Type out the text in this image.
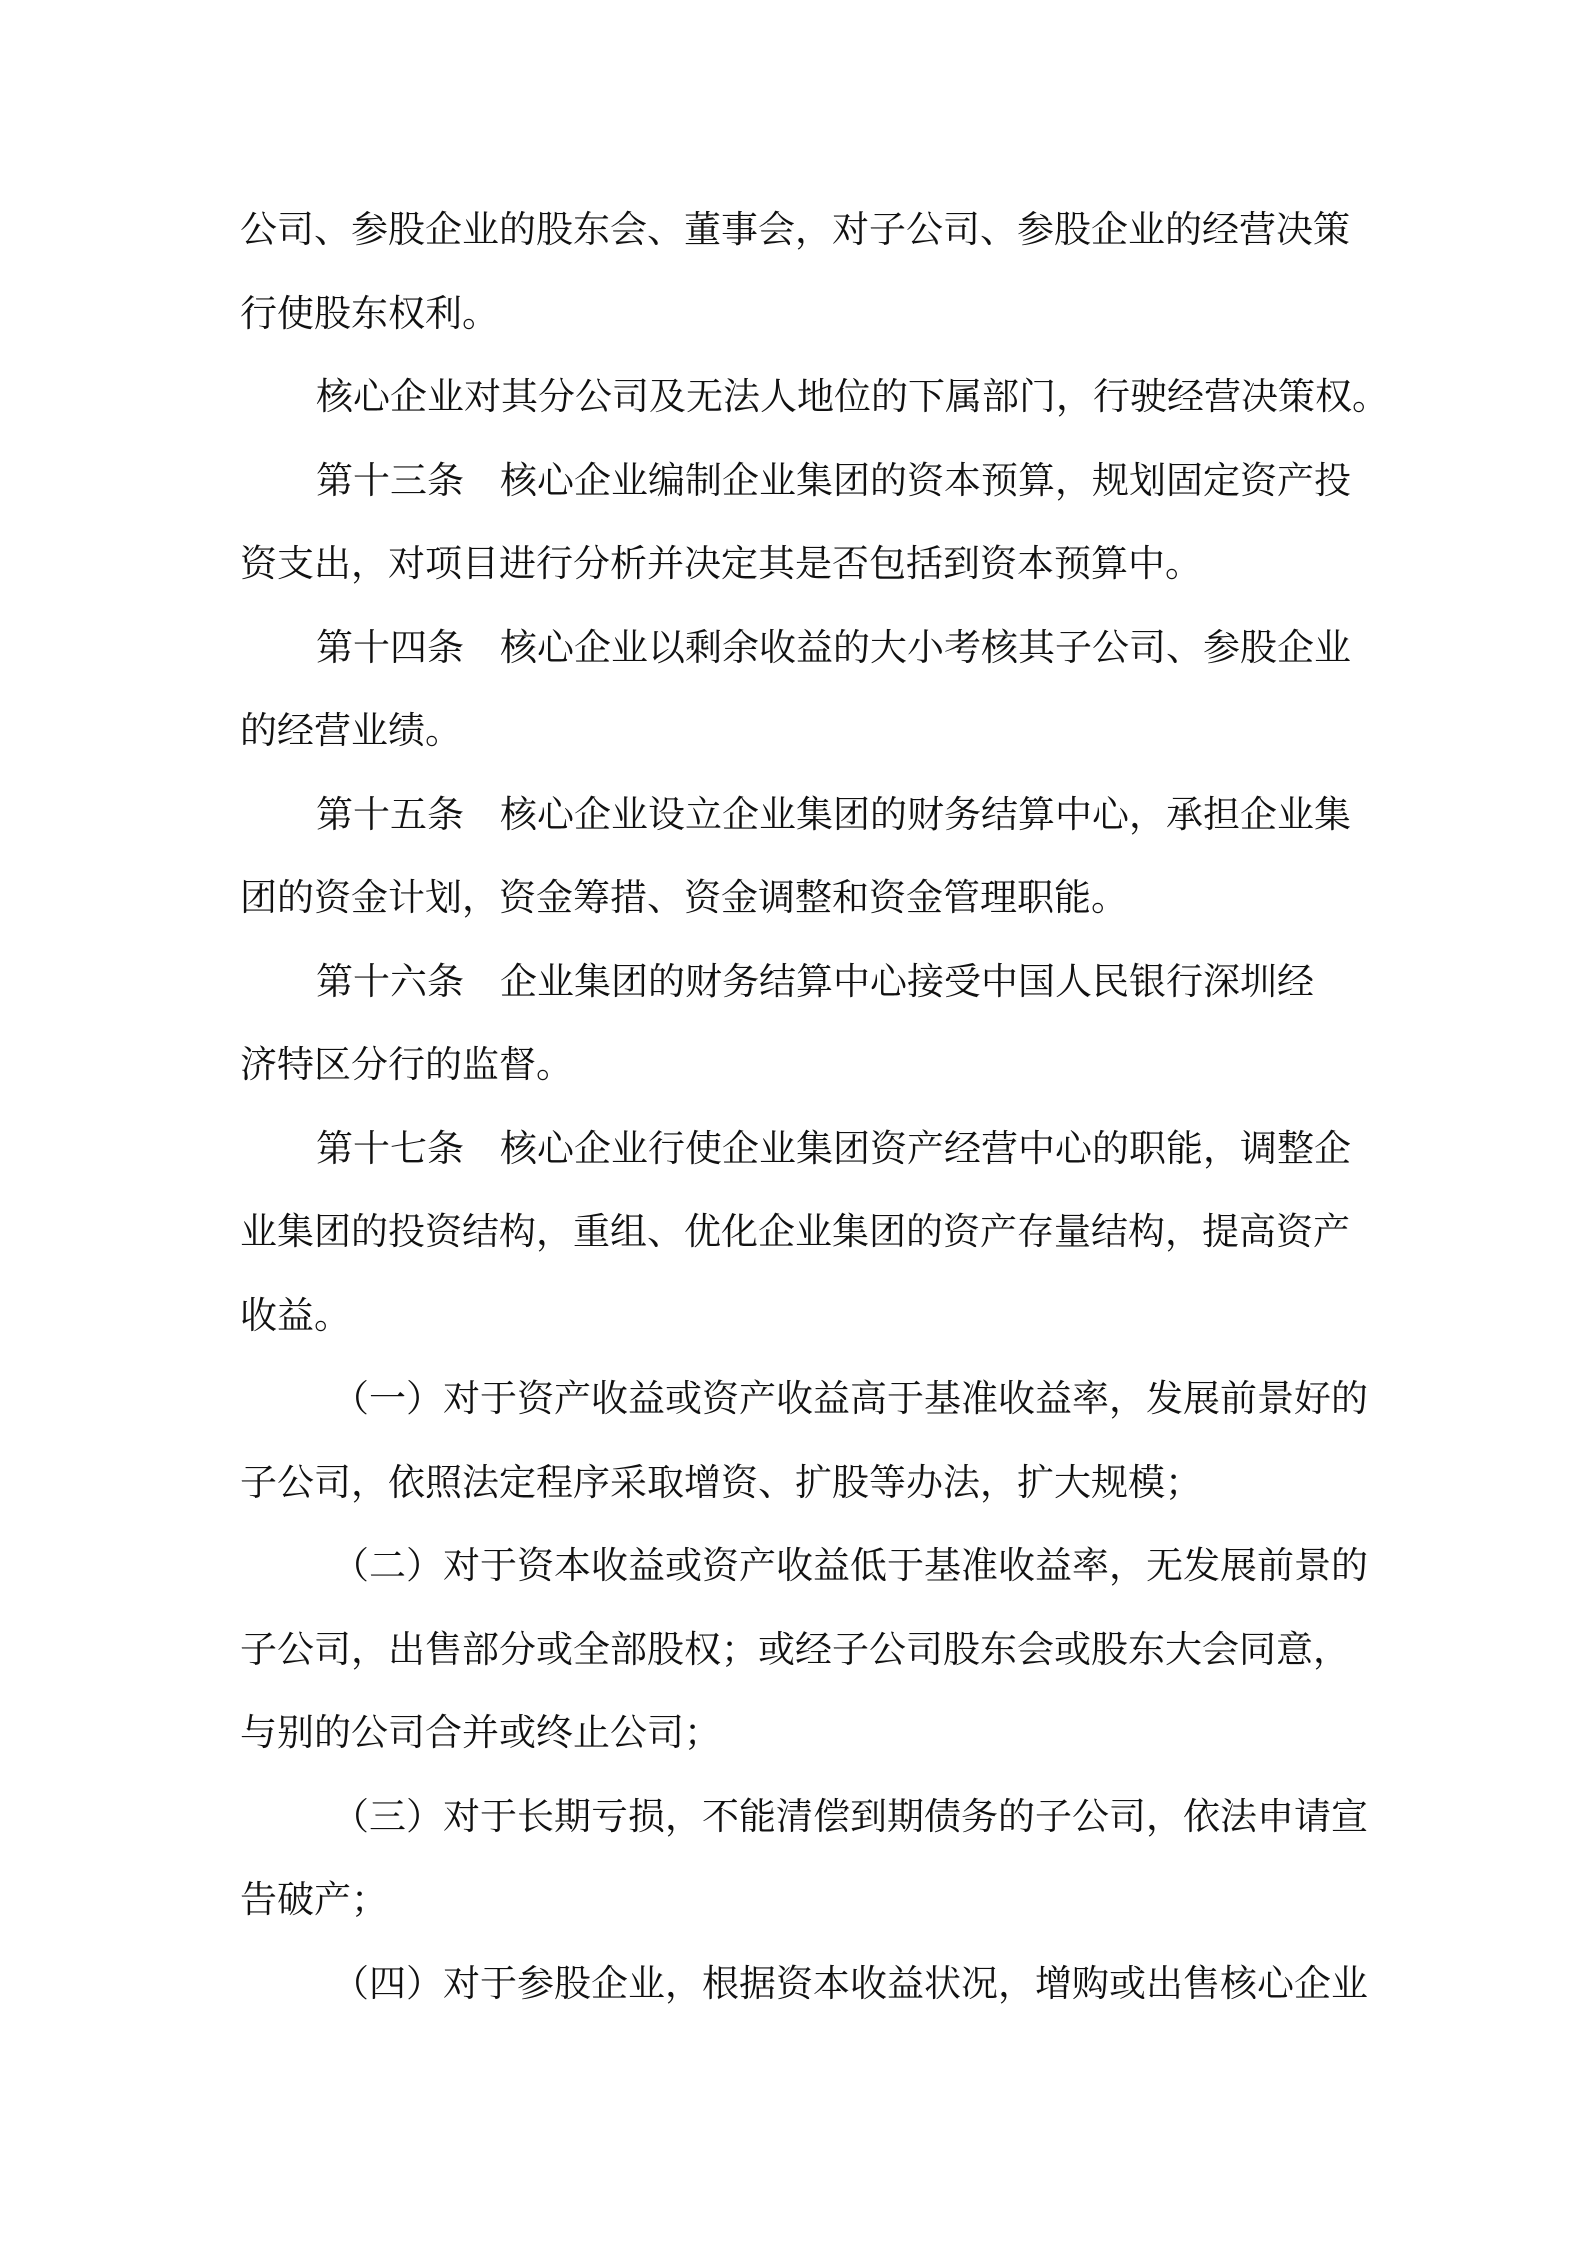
公司、参股企业的股东会、董事会，对子公司、参股企业的经营决策
行使股东权利。
核心企业对其分公司及无法人地位的下属部门，行驶经营决策权。
第十三条 核心企业编制企业集团的资本预算，规划固定资产投
资支出，对项目进行分析并决定其是否包括到资本预算中。
第十四条 核心企业以剩余收益的大小考核其子公司、参股企业
的经营业绩。
第十五条 核心企业设立企业集团的财务结算中心，承担企业集
团的资金计划，资金筹措、资金调整和资金管理职能。
第十六条 企业集团的财务结算中心接受中国人民银行深圳经
济特区分行的监督。
第十七条 核心企业行使企业集团资产经营中心的职能，调整企
业集团的投资结构，重组、优化企业集团的资产存量结构，提高资产
收益。
（一）对于资产收益或资产收益高于基准收益率，发展前景好的
子公司，依照法定程序采取增资、扩股等办法，扩大规模；
（二）对于资本收益或资产收益低于基准收益率，无发展前景的
子公司，出售部分或全部股权；或经子公司股东会或股东大会同意，
与别的公司合并或终止公司；
（三）对于长期亏损，不能清偿到期债务的子公司，依法申请宣
告破产；
（四）对于参股企业，根据资本收益状况，增购或出售核心企业
